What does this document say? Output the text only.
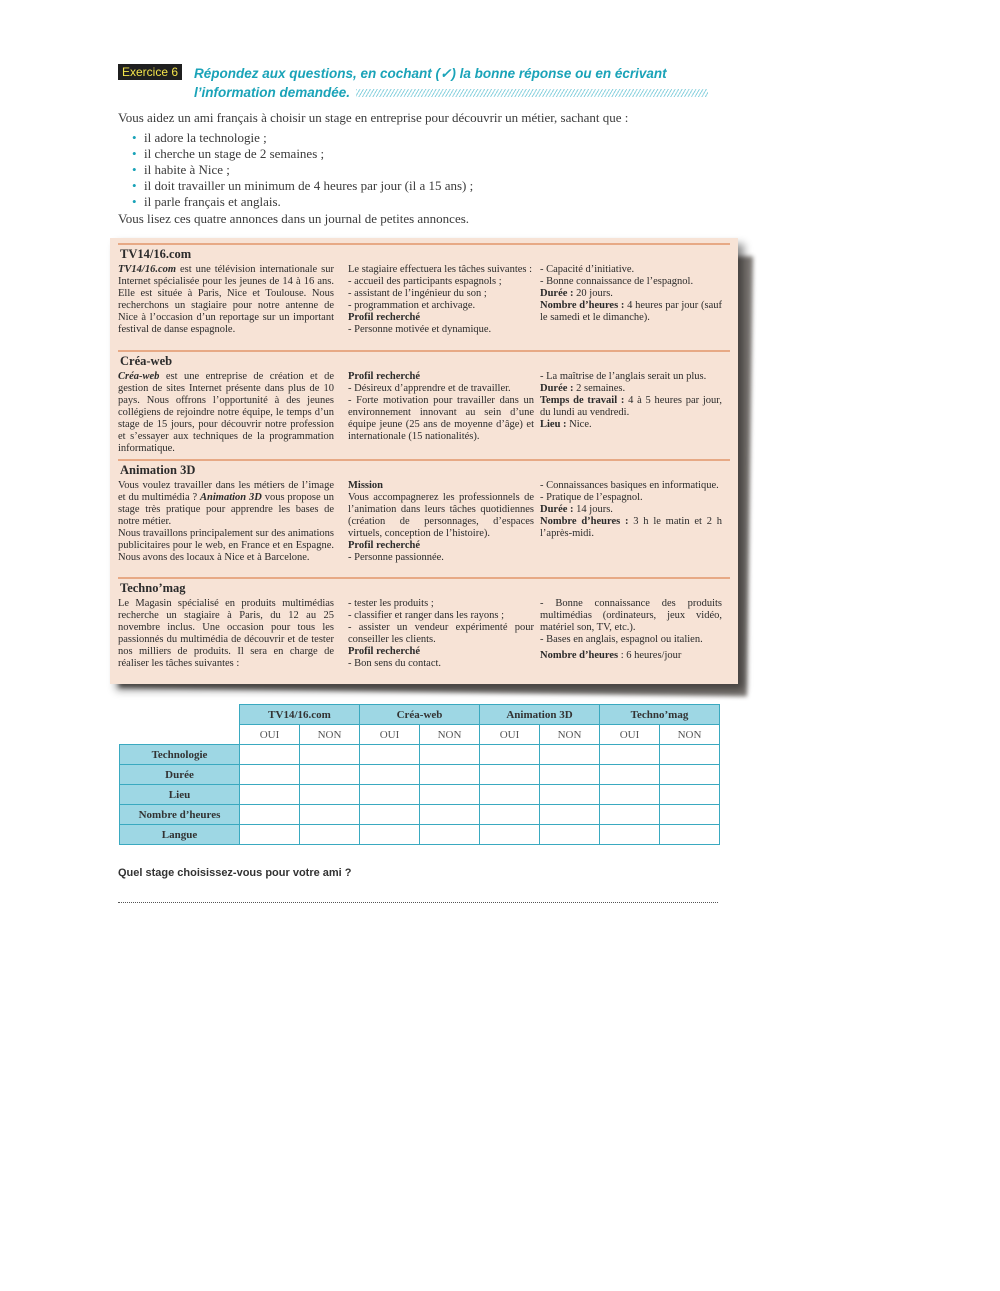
Exercice 6 Répondez aux questions, en cochant (✓) la bonne réponse ou en écrivant
l’information demandée.
Vous aidez un ami français à choisir un stage en entreprise pour découvrir un métier, sachant que :
• il adore la technologie ;
• il cherche un stage de 2 semaines ;
• il habite à Nice ;
• il doit travailler un minimum de 4 heures par jour (il a 15 ans) ;
• il parle français et anglais.
Vous lisez ces quatre annonces dans un journal de petites annonces.
TV14/16.com

TV14/16.com est une télévision internationale sur Internet spécialisée pour les jeunes de 14 à 16 ans. Elle est située à Paris, Nice et Toulouse. Nous recherchons un stagiaire pour notre antenne de Nice à l’occasion d’un reportage sur un important festival de danse espagnole.

Le stagiaire effectuera les tâches suivantes :

- accueil des participants espagnols ;

- assistant de l’ingénieur du son ;

- programmation et archivage.

Profil recherché

- Personne motivée et dynamique.

- Capacité d’initiative.

- Bonne connaissance de l’espagnol.

Durée : 20 jours.

Nombre d’heures : 4 heures par jour (sauf le samedi et le dimanche).

Créa-web

Créa-web est une entreprise de création et de gestion de sites Internet présente dans plus de 10 pays. Nous offrons l’opportunité à des jeunes collégiens de rejoindre notre équipe, le temps d’un stage de 15 jours, pour découvrir notre profession et s’essayer aux techniques de la programmation informatique.

Profil recherché

- Désireux d’apprendre et de travailler.

- Forte motivation pour travailler dans un environnement innovant au sein d’une équipe jeune (25 ans de moyenne d’âge) et internationale (15 nationalités).

- La maîtrise de l’anglais serait un plus.

Durée : 2 semaines.

Temps de travail : 4 à 5 heures par jour, du lundi au vendredi.

Lieu : Nice.

Animation 3D

Vous voulez travailler dans les métiers de l’image et du multimédia ? Animation 3D vous propose un stage très pratique pour apprendre les bases de notre métier.

Nous travaillons principalement sur des animations publicitaires pour le web, en France et en Espagne. Nous avons des locaux à Nice et à Barcelone.

Mission

Vous accompagnerez les professionnels de l’animation dans leurs tâches quotidiennes (création de personnages, d’espaces virtuels, conception de l’histoire).

Profil recherché

- Personne passionnée.

- Connaissances basiques en informatique.

- Pratique de l’espagnol.

Durée : 14 jours.

Nombre d’heures : 3 h le matin et 2 h l’après-midi.

Techno’mag

Le Magasin spécialisé en produits multimédias recherche un stagiaire à Paris, du 12 au 25 novembre inclus. Une occasion pour tous les passionnés du multimédia de découvrir et de tester nos milliers de produits. Il sera en charge de réaliser les tâches suivantes :

- tester les produits ;

- classifier et ranger dans les rayons ;

- assister un vendeur expérimenté pour conseiller les clients.

Profil recherché

- Bon sens du contact.

- Bonne connaissance des produits multimédias (ordinateurs, jeux vidéo, matériel son, TV, etc.).

- Bases en anglais, espagnol ou italien.

Nombre d’heures : 6 heures/jour

	TV14/16.com		Créa-web		Animation 3D		Techno’mag	
	OUI	NON	OUI	NON	OUI	NON	OUI	NON
Technologie								
Durée								
Lieu								
Nombre d’heures								
Langue								
Quel stage choisissez-vous pour votre ami ?
